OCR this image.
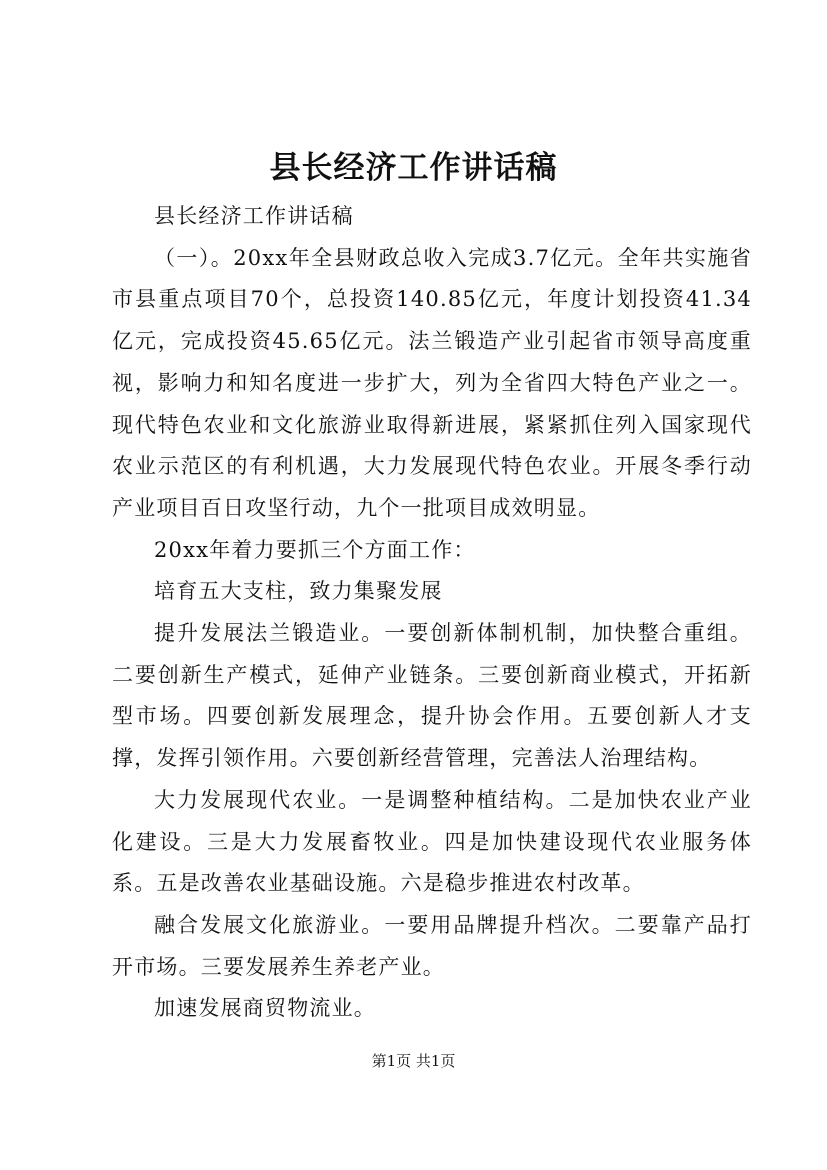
县长经济工作讲话稿

县长经济工作讲话稿

（一）。20xx年全县财政总收入完成3.7亿元。全年共实施省市县重点项目70个，总投资140.85亿元，年度计划投资41.34亿元，完成投资45.65亿元。法兰锻造产业引起省市领导高度重视，影响力和知名度进一步扩大，列为全省四大特色产业之一。现代特色农业和文化旅游业取得新进展，紧紧抓住列入国家现代农业示范区的有利机遇，大力发展现代特色农业。开展冬季行动产业项目百日攻坚行动，九个一批项目成效明显。

20xx年着力要抓三个方面工作：

培育五大支柱，致力集聚发展

提升发展法兰锻造业。一要创新体制机制，加快整合重组。二要创新生产模式，延伸产业链条。三要创新商业模式，开拓新型市场。四要创新发展理念，提升协会作用。五要创新人才支撑，发挥引领作用。六要创新经营管理，完善法人治理结构。

大力发展现代农业。一是调整种植结构。二是加快农业产业化建设。三是大力发展畜牧业。四是加快建设现代农业服务体系。五是改善农业基础设施。六是稳步推进农村改革。

融合发展文化旅游业。一要用品牌提升档次。二要靠产品打开市场。三要发展养生养老产业。

加速发展商贸物流业。

第1页 共1页
